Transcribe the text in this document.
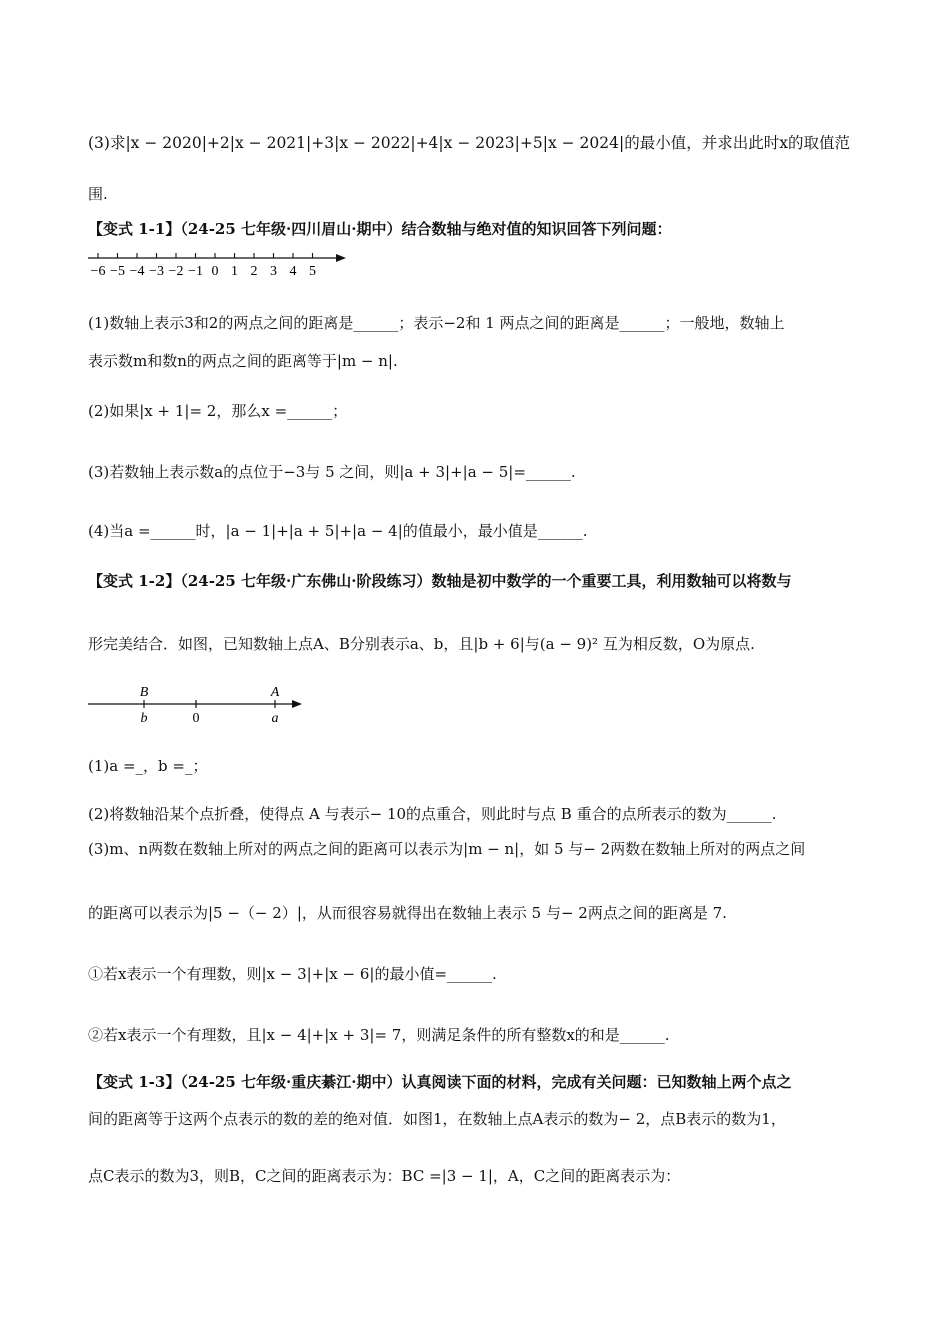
(3)求|x − 2020|+2|x − 2021|+3|x − 2022|+4|x − 2023|+5|x − 2024|的最小值，并求出此时x的取值范
围.
【变式 1-1】（24-25 七年级·四川眉山·期中）结合数轴与绝对值的知识回答下列问题：
−6 −5 −4 −3 −2 −1 0 1 2 3 4 5
(1)数轴上表示3和2的两点之间的距离是______；表示−2和 1 两点之间的距离是______；一般地，数轴上
表示数m和数n的两点之间的距离等于|m − n|.
(2)如果|x + 1|= 2，那么x =______；
(3)若数轴上表示数a的点位于−3与 5 之间，则|a + 3|+|a − 5|=______.
(4)当a =______时，|a − 1|+|a + 5|+|a − 4|的值最小，最小值是______.
【变式 1-2】（24-25 七年级·广东佛山·阶段练习）数轴是初中数学的一个重要工具，利用数轴可以将数与
形完美结合．如图，已知数轴上点A、B分别表示a、b，且|b + 6|与(a − 9)² 互为相反数，O为原点.
B
b	0
A
a
(1)a =_，b =_；
(2)将数轴沿某个点折叠，使得点 A 与表示− 10的点重合，则此时与点 B 重合的点所表示的数为______.
(3)m、n两数在数轴上所对的两点之间的距离可以表示为|m − n|，如 5 与− 2两数在数轴上所对的两点之间
的距离可以表示为|5 −（− 2）|，从而很容易就得出在数轴上表示 5 与− 2两点之间的距离是 7.
①若x表示一个有理数，则|x − 3|+|x − 6|的最小值=______.
②若x表示一个有理数，且|x − 4|+|x + 3|= 7，则满足条件的所有整数x的和是______.
【变式 1-3】（24-25 七年级·重庆綦江·期中）认真阅读下面的材料，完成有关问题：已知数轴上两个点之
间的距离等于这两个点表示的数的差的绝对值．如图1，在数轴上点A表示的数为− 2，点B表示的数为1，
点C表示的数为3，则B，C之间的距离表示为：BC =|3 − 1|，A，C之间的距离表示为：
